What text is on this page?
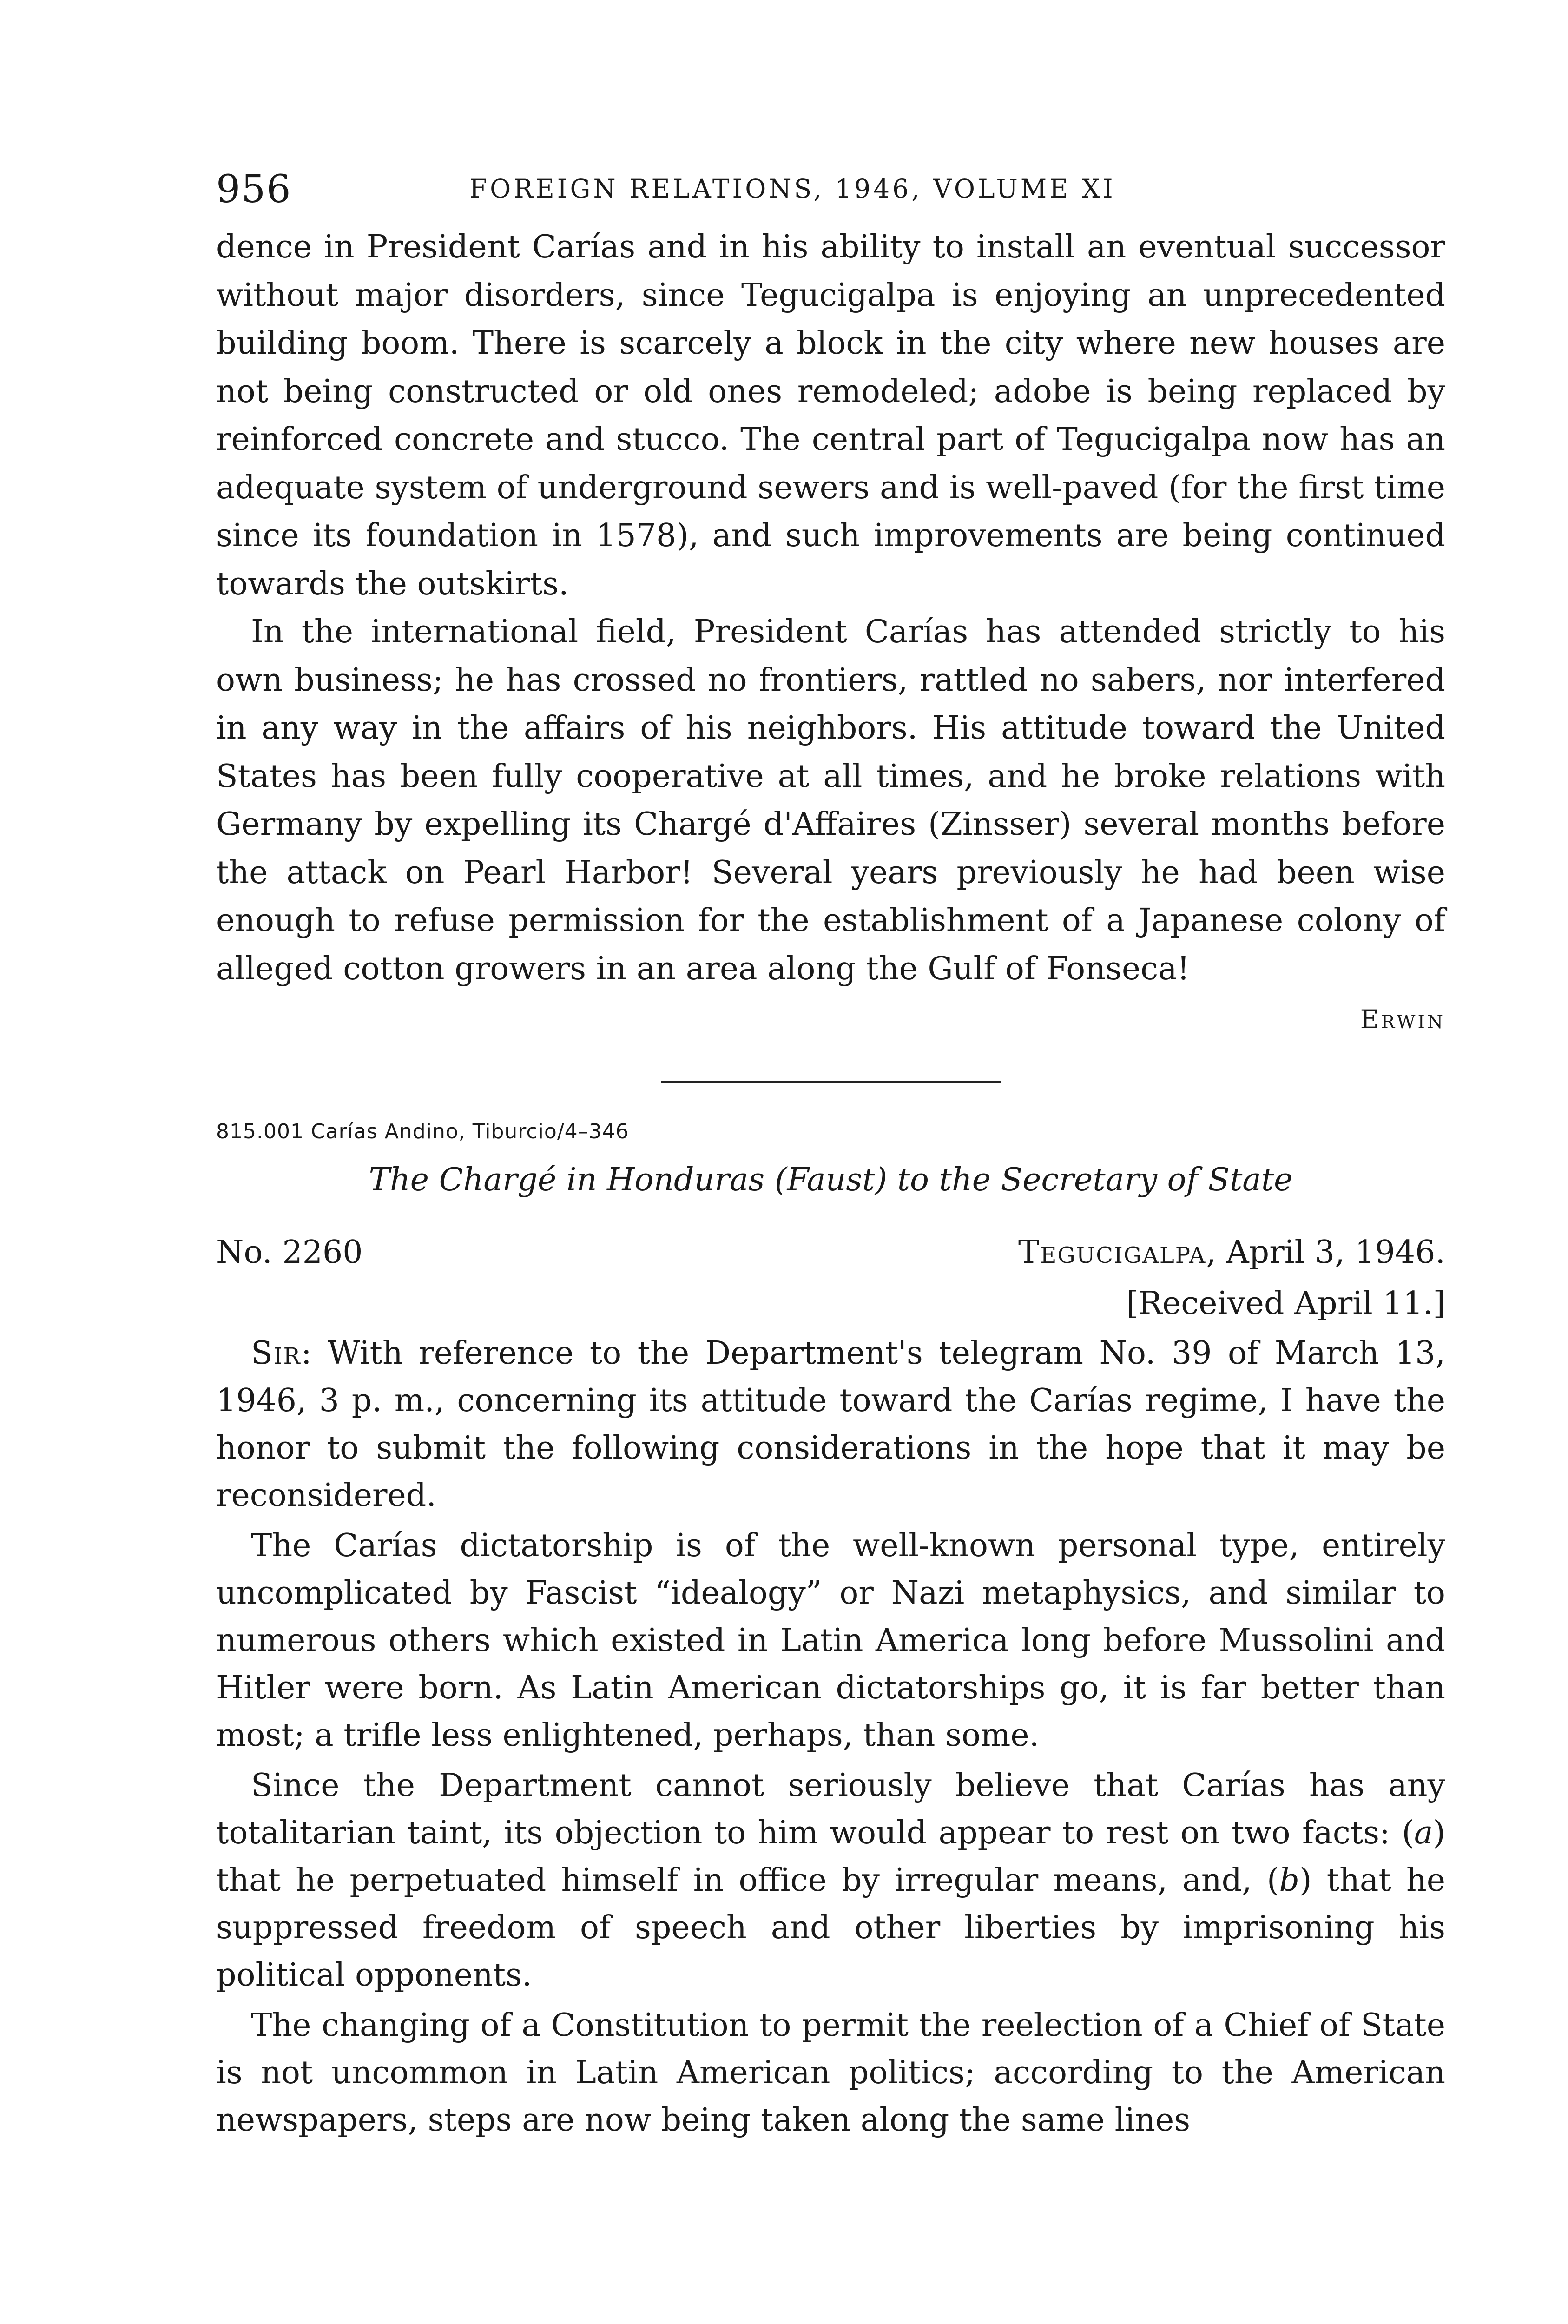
956	FOREIGN RELATIONS, 1946, VOLUME XI

dence in President Carías and in his ability to install an eventual successor without major disorders, since Tegucigalpa is enjoying an unprecedented building boom. There is scarcely a block in the city where new houses are not being constructed or old ones remodeled; adobe is being replaced by reinforced concrete and stucco. The central part of Tegucigalpa now has an adequate system of underground sewers and is well-paved (for the first time since its foundation in 1578), and such improvements are being continued towards the outskirts.

In the international field, President Carías has attended strictly to his own business; he has crossed no frontiers, rattled no sabers, nor interfered in any way in the affairs of his neighbors. His attitude toward the United States has been fully cooperative at all times, and he broke relations with Germany by expelling its Chargé d'Affaires (Zinsser) several months before the attack on Pearl Harbor! Several years previously he had been wise enough to refuse permission for the establishment of a Japanese colony of alleged cotton growers in an area along the Gulf of Fonseca!

Erwin
815.001 Carías Andino, Tiburcio/4–346
The Chargé in Honduras (Faust) to the Secretary of State
No. 2260	Tegucigalpa, April 3, 1946.
[Received April 11.]

Sir: With reference to the Department's telegram No. 39 of March 13, 1946, 3 p. m., concerning its attitude toward the Carías regime, I have the honor to submit the following considerations in the hope that it may be reconsidered.

The Carías dictatorship is of the well-known personal type, entirely uncomplicated by Fascist “idealogy” or Nazi metaphysics, and similar to numerous others which existed in Latin America long before Mussolini and Hitler were born. As Latin American dictatorships go, it is far better than most; a trifle less enlightened, perhaps, than some.

Since the Department cannot seriously believe that Carías has any totalitarian taint, its objection to him would appear to rest on two facts: (a) that he perpetuated himself in office by irregular means, and, (b) that he suppressed freedom of speech and other liberties by imprisoning his political opponents.

The changing of a Constitution to permit the reelection of a Chief of State is not uncommon in Latin American politics; according to the American newspapers, steps are now being taken along the same lines
